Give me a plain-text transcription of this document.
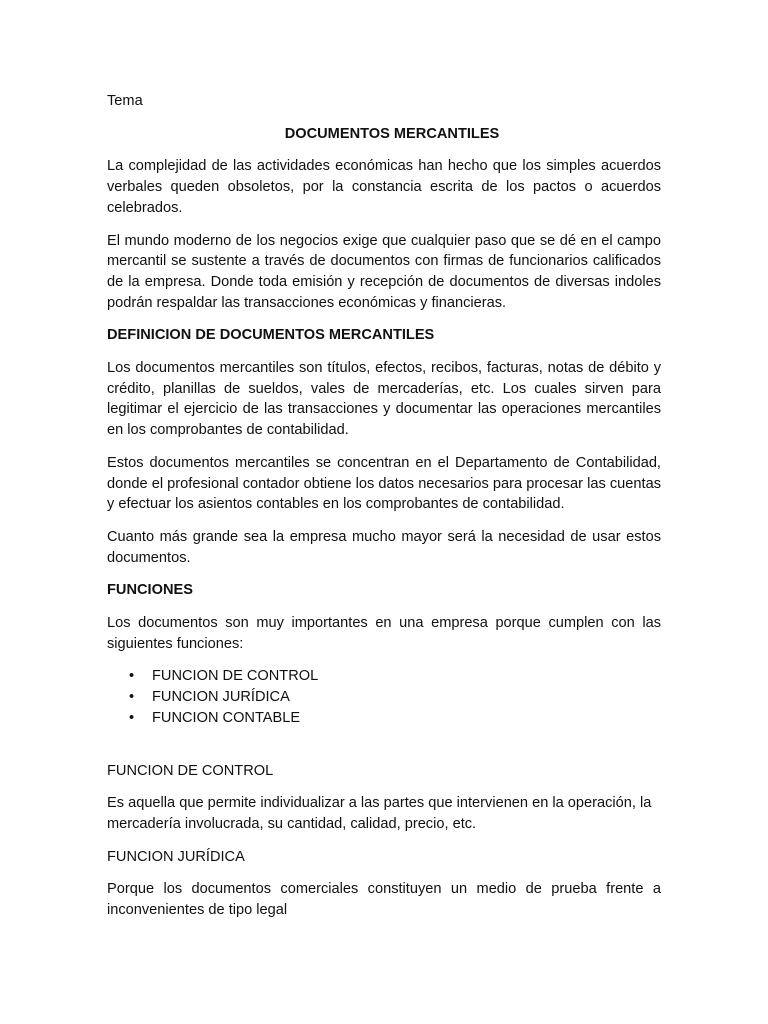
Tema

DOCUMENTOS MERCANTILES

La complejidad de las actividades económicas han hecho que los simples acuerdos verbales queden obsoletos, por la constancia escrita de los pactos o acuerdos celebrados.

El mundo moderno de los negocios exige que cualquier paso que se dé en el campo mercantil se sustente a través de documentos con firmas de funcionarios calificados de la empresa. Donde toda emisión y recepción de documentos de diversas indoles podrán respaldar las transacciones económicas y financieras.

DEFINICION DE DOCUMENTOS MERCANTILES

Los documentos mercantiles son títulos, efectos, recibos, facturas, notas de débito y crédito, planillas de sueldos, vales de mercaderías, etc. Los cuales sirven para legitimar el ejercicio de las transacciones y documentar las operaciones mercantiles en los comprobantes de contabilidad.

Estos documentos mercantiles se concentran en el Departamento de Contabilidad, donde el profesional contador obtiene los datos necesarios para procesar las cuentas y efectuar los asientos contables en los comprobantes de contabilidad.

Cuanto más grande sea la empresa mucho mayor será la necesidad de usar estos documentos.

FUNCIONES

Los documentos son muy importantes en una empresa porque cumplen con las siguientes funciones:

• FUNCION DE CONTROL
• FUNCION JURÍDICA
• FUNCION CONTABLE

FUNCION DE CONTROL

Es aquella que permite individualizar a las partes que intervienen en la operación, la mercadería involucrada, su cantidad, calidad, precio, etc.

FUNCION JURÍDICA

Porque los documentos comerciales constituyen un medio de prueba frente a inconvenientes de tipo legal
